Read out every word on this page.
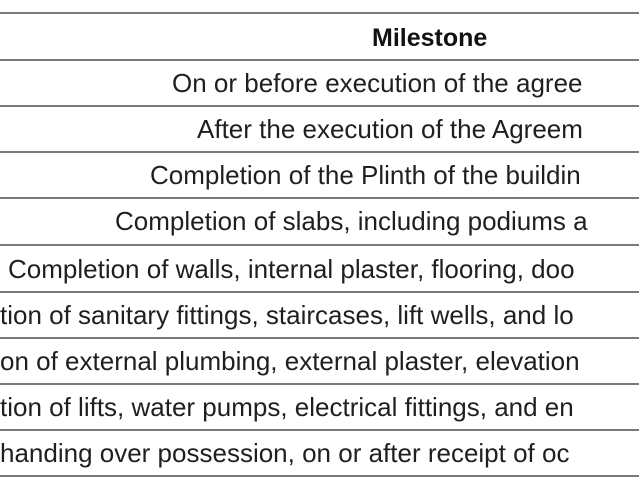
Milestone
On or before execution of the agree
After the execution of the Agreem
Completion of the Plinth of the buildin
Completion of slabs, including podiums a
Completion of walls, internal plaster, flooring, doo
tion of sanitary fittings, staircases, lift wells, and lo
on of external plumbing, external plaster, elevation
tion of lifts, water pumps, electrical fittings, and en
handing over possession, on or after receipt of oc
